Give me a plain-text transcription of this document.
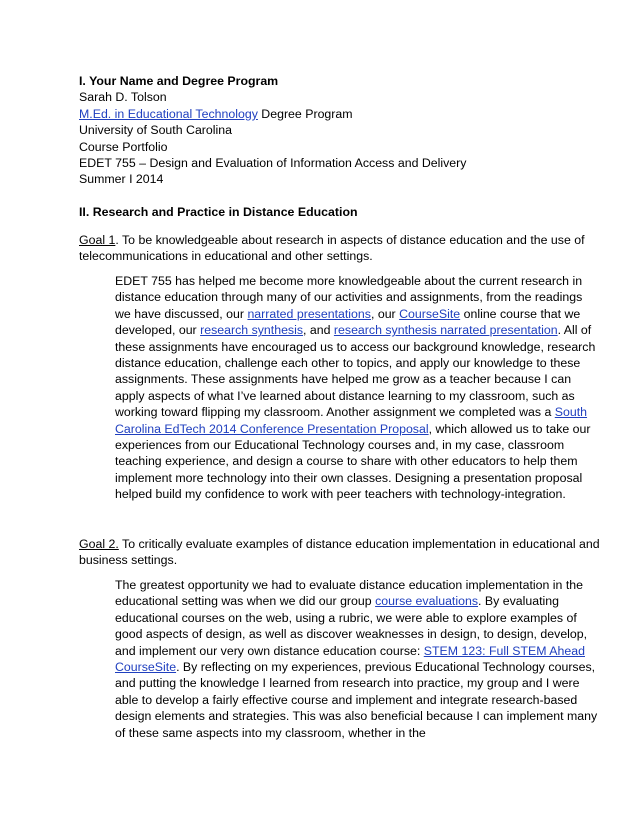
I. Your Name and Degree Program

Sarah D. Tolson

M.Ed. in Educational Technology Degree Program

University of South Carolina

Course Portfolio

EDET 755 – Design and Evaluation of Information Access and Delivery

Summer I 2014

II. Research and Practice in Distance Education

Goal 1. To be knowledgeable about research in aspects of distance education and the use of telecommunications in educational and other settings.

EDET 755 has helped me become more knowledgeable about the current research in distance education through many of our activities and assignments, from the readings we have discussed, our narrated presentations, our CourseSite online course that we developed, our research synthesis, and research synthesis narrated presentation. All of these assignments have encouraged us to access our background knowledge, research distance education, challenge each other to topics, and apply our knowledge to these assignments. These assignments have helped me grow as a teacher because I can apply aspects of what I’ve learned about distance learning to my classroom, such as working toward flipping my classroom. Another assignment we completed was a South Carolina EdTech 2014 Conference Presentation Proposal, which allowed us to take our experiences from our Educational Technology courses and, in my case, classroom teaching experience, and design a course to share with other educators to help them implement more technology into their own classes. Designing a presentation proposal helped build my confidence to work with peer teachers with technology-integration.

Goal 2. To critically evaluate examples of distance education implementation in educational and business settings.

The greatest opportunity we had to evaluate distance education implementation in the educational setting was when we did our group course evaluations. By evaluating educational courses on the web, using a rubric, we were able to explore examples of good aspects of design, as well as discover weaknesses in design, to design, develop, and implement our very own distance education course: STEM 123: Full STEM Ahead CourseSite. By reflecting on my experiences, previous Educational Technology courses, and putting the knowledge I learned from research into practice, my group and I were able to develop a fairly effective course and implement and integrate research-based design elements and strategies. This was also beneficial because I can implement many of these same aspects into my classroom, whether in the
